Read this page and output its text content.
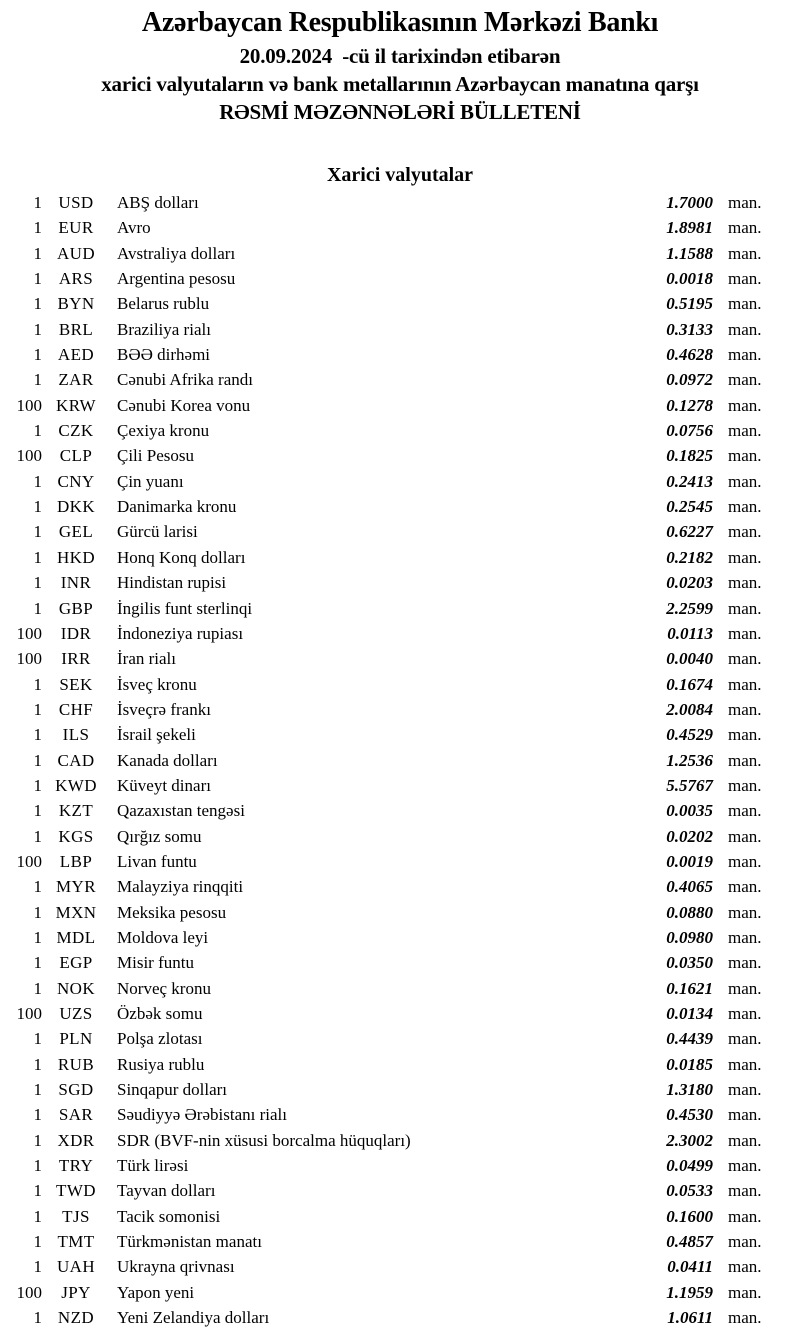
Azərbaycan Respublikasının Mərkəzi Bankı
20.09.2024  -cü il tarixindən etibarən
xarici valyutaların və bank metallarının Azərbaycan manatına qarşı
RƏSMİ MƏZƏNNƏLƏRİ BÜLLETENİ
Xarici valyutalar
1 USD	ABŞ dolları	1.7000 man.
1 EUR	Avro	1.8981 man.
1 AUD	Avstraliya dolları	1.1588 man.
1 ARS	Argentina pesosu	0.0018 man.
1 BYN	Belarus rublu	0.5195 man.
1 BRL	Braziliya rialı	0.3133 man.
1 AED	BƏƏ dirhəmi	0.4628 man.
1 ZAR	Cənubi Afrika randı	0.0972 man.
100 KRW	Cənubi Korea vonu	0.1278 man.
1 CZK	Çexiya kronu	0.0756 man.
100	CLP	Çili Pesosu	0.1825 man.
1 CNY	Çin yuanı	0.2413 man.
1 DKK	Danimarka kronu	0.2545 man.
1 GEL	Gürcü larisi	0.6227 man.
1 HKD	Honq Konq dolları	0.2182 man.
1	INR	Hindistan rupisi	0.0203 man.
1 GBP	İngilis funt sterlinqi	2.2599 man.
100	IDR	İndoneziya rupiası	0.0113 man.
100	IRR	İran rialı	0.0040 man.
1	SEK	İsveç kronu	0.1674 man.
1 CHF	İsveçrə frankı	2.0084 man.
1	ILS	İsrail şekeli	0.4529 man.
1 CAD	Kanada dolları	1.2536 man.
1 KWD	Küveyt dinarı	5.5767 man.
1 KZT	Qazaxıstan tengəsi	0.0035 man.
1 KGS	Qırğız somu	0.0202 man.
100	LBP	Livan funtu	0.0019 man.
1 MYR	Malayziya rinqqiti	0.4065 man.
1 MXN	Meksika pesosu	0.0880 man.
1 MDL	Moldova leyi	0.0980 man.
1	EGP	Misir funtu	0.0350 man.
1 NOK	Norveç kronu	0.1621 man.
100	UZS	Özbək somu	0.0134 man.
1	PLN	Polşa zlotası	0.4439 man.
1 RUB	Rusiya rublu	0.0185 man.
1 SGD	Sinqapur dolları	1.3180 man.
1 SAR	Səudiyyə Ərəbistanı rialı	0.4530 man.
1 XDR	SDR (BVF-nin xüsusi borcalma hüquqları)	2.3002 man.
1 TRY	Türk lirəsi	0.0499 man.
1 TWD	Tayvan dolları	0.0533 man.
1	TJS	Tacik somonisi	0.1600 man.
1 TMT	Türkmənistan manatı	0.4857 man.
1 UAH	Ukrayna qrivnası	0.0411 man.
100	JPY	Yapon yeni	1.1959 man.
1 NZD	Yeni Zelandiya dolları	1.0611 man.
